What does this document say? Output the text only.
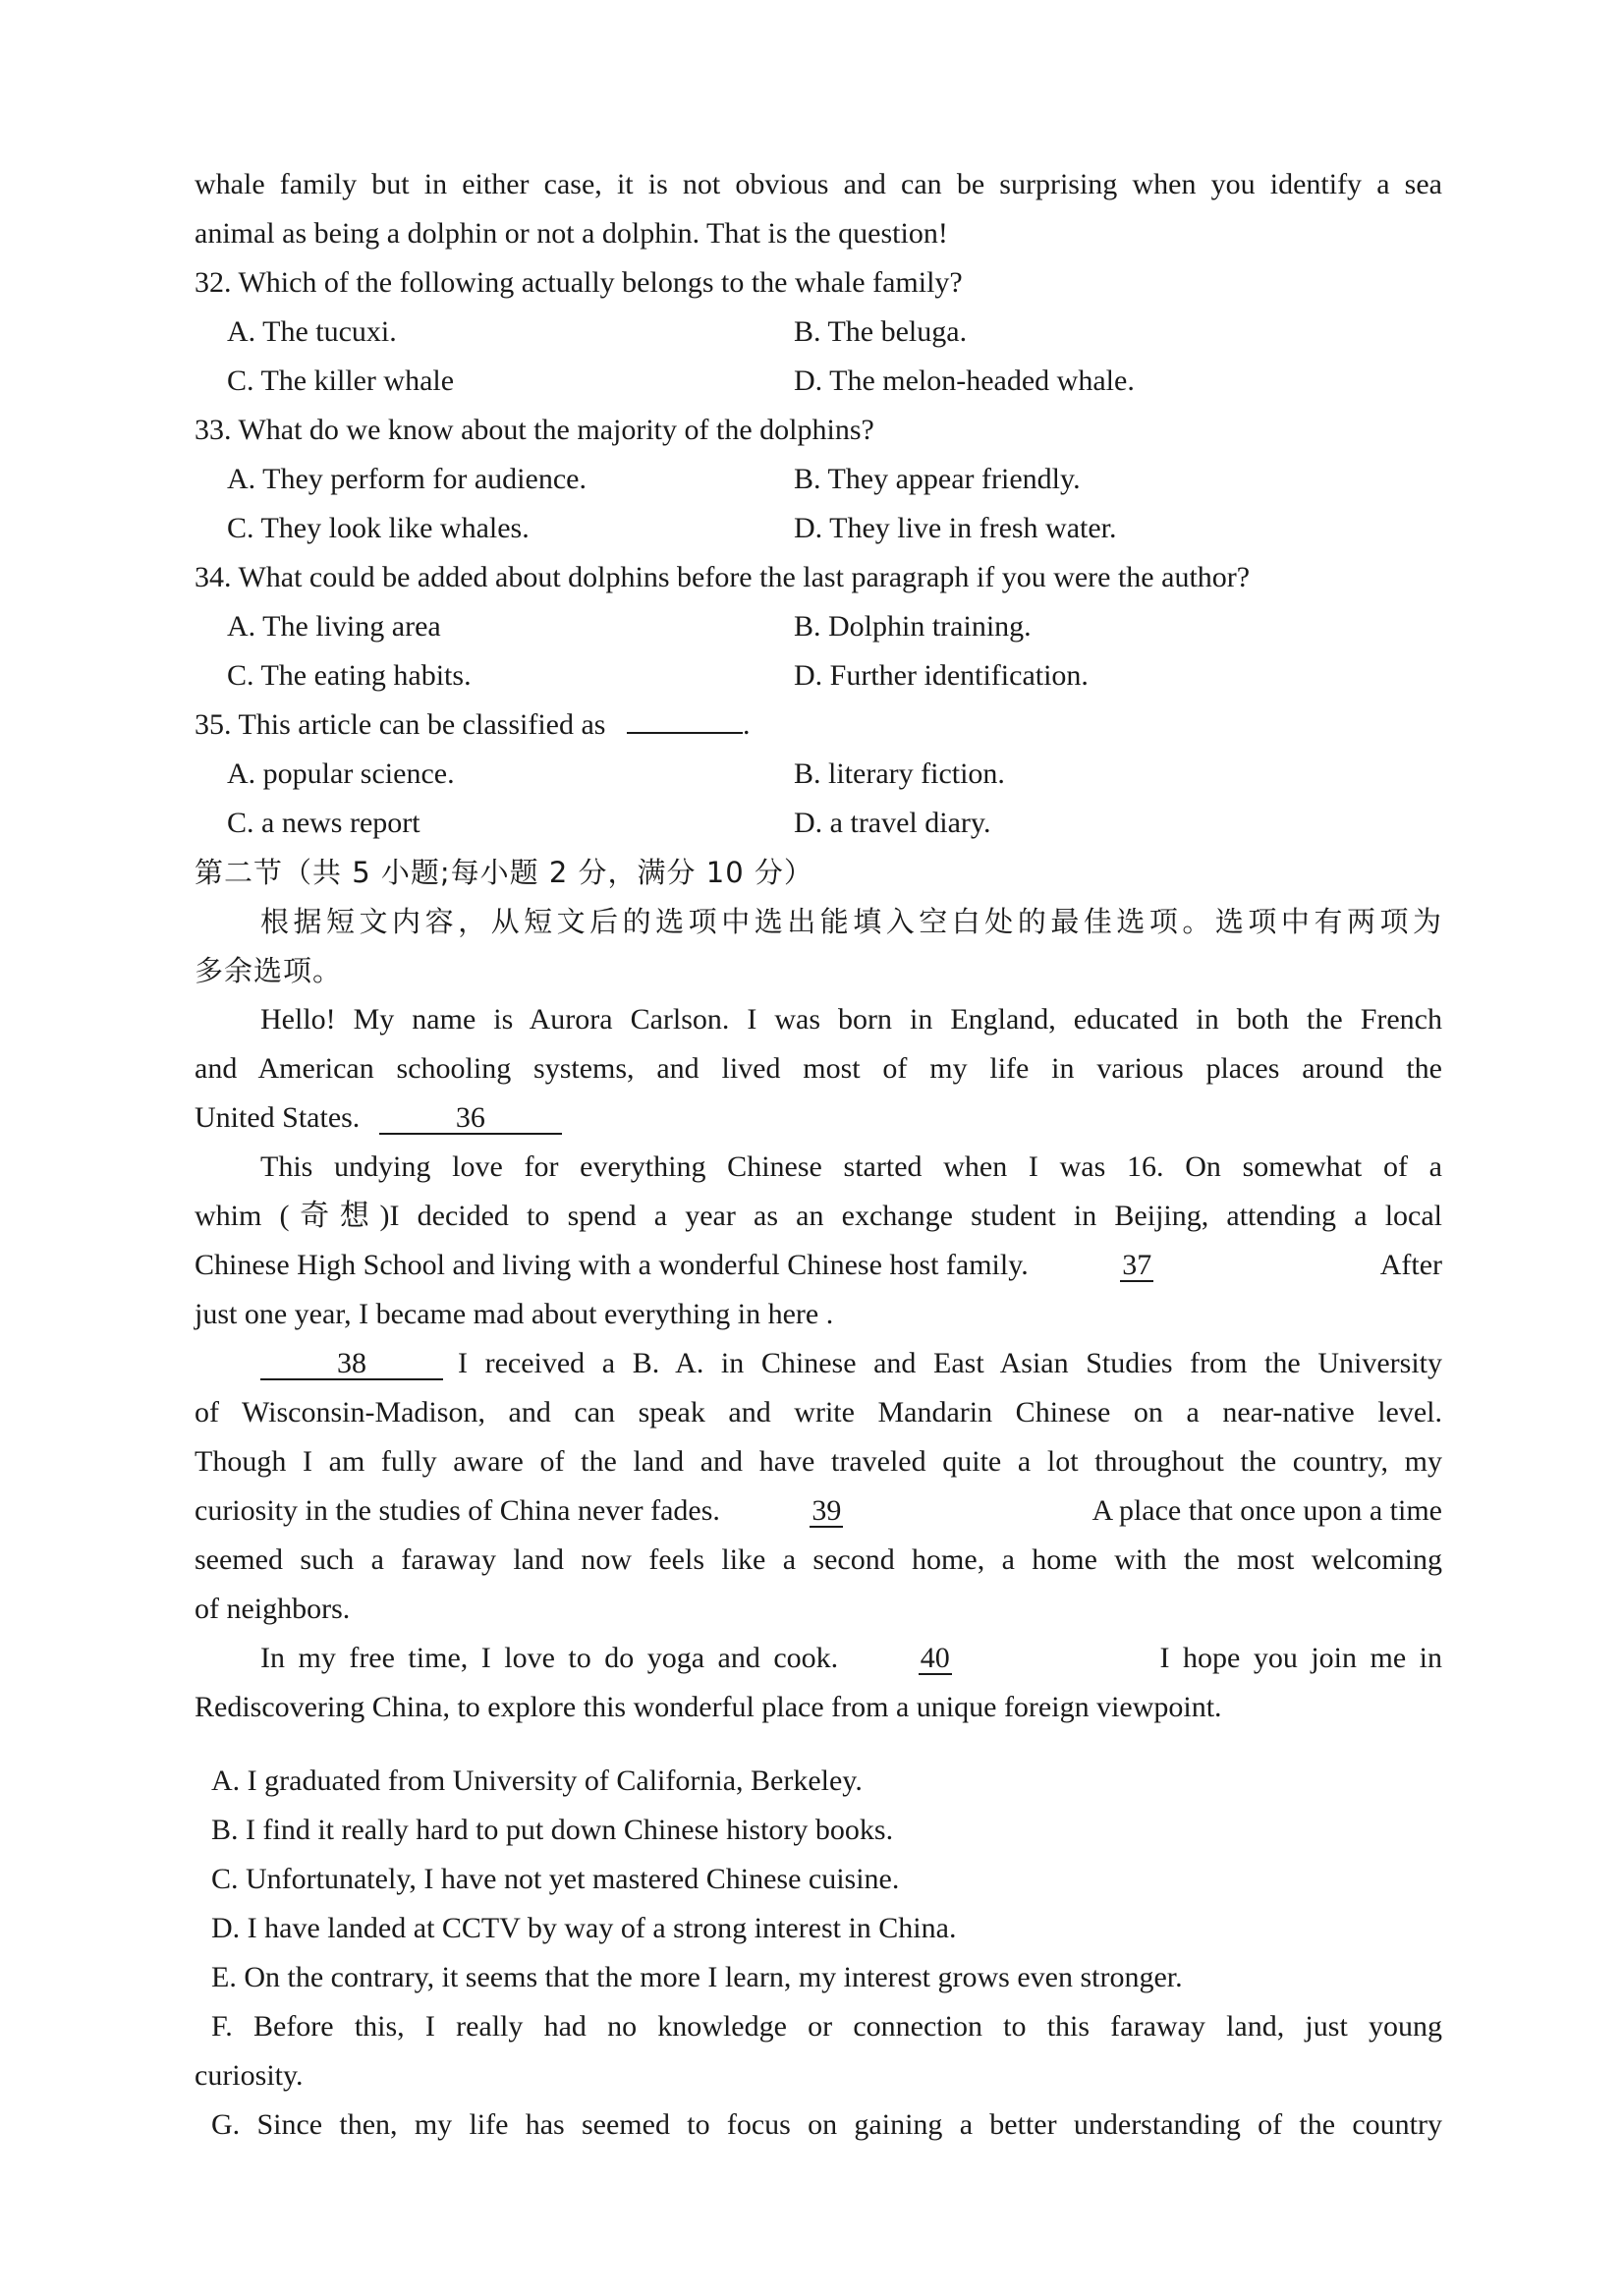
whale family but in either case, it is not obvious and can be surprising when you identify a sea
animal as being a dolphin or not a dolphin. That is the question!
32. Which of the following actually belongs to the whale family?
A. The tucuxi.	B. The beluga.
C. The killer whale	D. The melon-headed whale.
33. What do we know about the majority of the dolphins?
A. They perform for audience.	B. They appear friendly.
C. They look like whales.	D. They live in fresh water.
34. What could be added about dolphins before the last paragraph if you were the author?
A. The living area	B. Dolphin training.
C. The eating habits.	D. Further identification.
35. This article can be classified as	.
A. popular science.	B. literary fiction.
C. a news report	D. a travel diary.
第二节（共 5 小题;每小题 2 分，满分 10 分）
根据短文内容，从短文后的选项中选出能填入空白处的最佳选项。选项中有两项为
多余选项。
Hello! My name is Aurora Carlson. I was born in England, educated in both the French
and American schooling systems, and lived most of my life in various places around the
United States.	36
This undying love for everything Chinese started when I was 16. On somewhat of a
whim (奇想)I decided to spend a year as an exchange student in Beijing, attending a local
Chinese High School and living with a wonderful Chinese host family.	37	After
just one year, I became mad about everything in here .
38	I received a B. A. in Chinese and East Asian Studies from the University
of Wisconsin-Madison, and can speak and write Mandarin Chinese on a near-native level.
Though I am fully aware of the land and have traveled quite a lot throughout the country, my
curiosity in the studies of China never fades.	39	A place that once upon a time
seemed such a faraway land now feels like a second home, a home with the most welcoming
of neighbors.
In my free time, I love to do yoga and cook.	40	I hope you join me in
Rediscovering China, to explore this wonderful place from a unique foreign viewpoint.
A. I graduated from University of California, Berkeley.
B. I find it really hard to put down Chinese history books.
C. Unfortunately, I have not yet mastered Chinese cuisine.
D. I have landed at CCTV by way of a strong interest in China.
E. On the contrary, it seems that the more I learn, my interest grows even stronger.
F. Before this, I really had no knowledge or connection to this faraway land, just young
curiosity.
G. Since then, my life has seemed to focus on gaining a better understanding of the country
